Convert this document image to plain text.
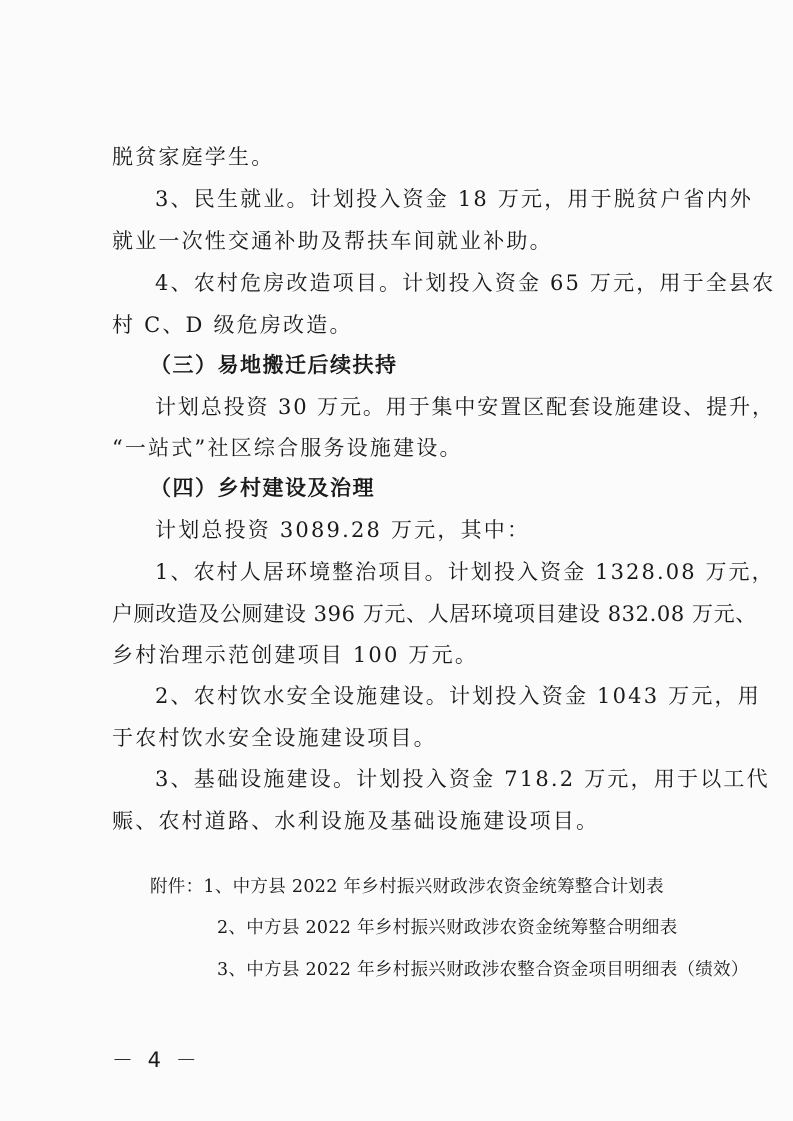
脱贫家庭学生。
3、民生就业。计划投入资金 18 万元，用于脱贫户省内外
就业一次性交通补助及帮扶车间就业补助。
4、农村危房改造项目。计划投入资金 65 万元，用于全县农
村 C、D 级危房改造。
（三）易地搬迁后续扶持
计划总投资 30 万元。用于集中安置区配套设施建设、提升，
“一站式”社区综合服务设施建设。
（四）乡村建设及治理
计划总投资 3089.28 万元，其中：
1、农村人居环境整治项目。计划投入资金 1328.08 万元，
户厕改造及公厕建设 396 万元、人居环境项目建设 832.08 万元、
乡村治理示范创建项目 100 万元。
2、农村饮水安全设施建设。计划投入资金 1043 万元，用
于农村饮水安全设施建设项目。
3、基础设施建设。计划投入资金 718.2 万元，用于以工代
赈、农村道路、水利设施及基础设施建设项目。
附件：1、中方县 2022 年乡村振兴财政涉农资金统筹整合计划表
2、中方县 2022 年乡村振兴财政涉农资金统筹整合明细表
3、中方县 2022 年乡村振兴财政涉农整合资金项目明细表（绩效）
－ 4 －
